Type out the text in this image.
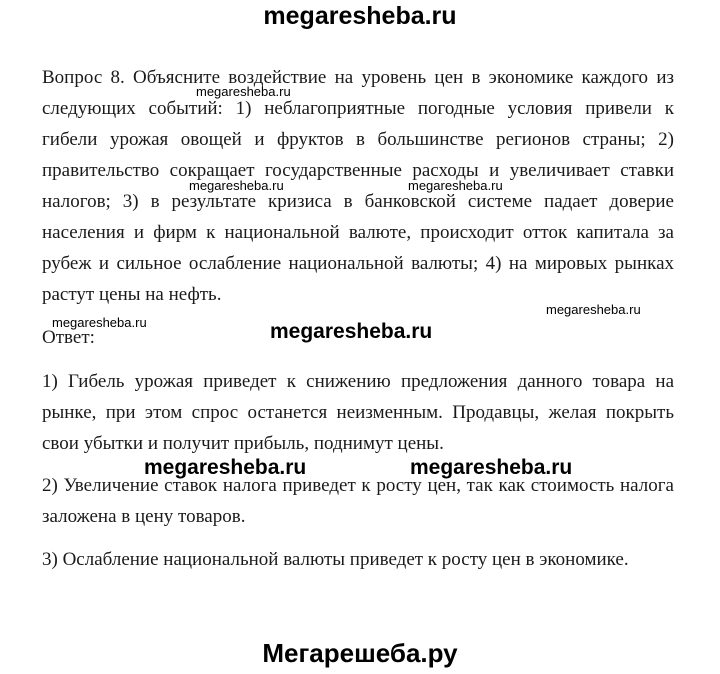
megaresheba.ru
Вопрос 8. Объясните воздействие на уровень цен в экономике каждого из следующих событий: 1) неблагоприятные погодные условия привели к гибели урожая овощей и фруктов в большинстве регионов страны; 2) правительство сокращает государственные расходы и увеличивает ставки налогов; 3) в результате кризиса в банковской системе падает доверие населения и фирм к национальной валюте, происходит отток капитала за рубеж и сильное ослабление национальной валюты; 4) на мировых рынках растут цены на нефть.
Ответ:
1) Гибель урожая приведет к снижению предложения данного товара на рынке, при этом спрос останется неизменным. Продавцы, желая покрыть свои убытки и получит прибыль, поднимут цены.
2) Увеличение ставок налога приведет к росту цен, так как стоимость налога заложена в цену товаров.
3) Ослабление национальной валюты приведет к росту цен в экономике.
megaresheba.ru
megaresheba.ru	megaresheba.ru
megaresheba.ru
megaresheba.ru
megaresheba.ru
megaresheba.ru	megaresheba.ru
Мегарешеба.ру
